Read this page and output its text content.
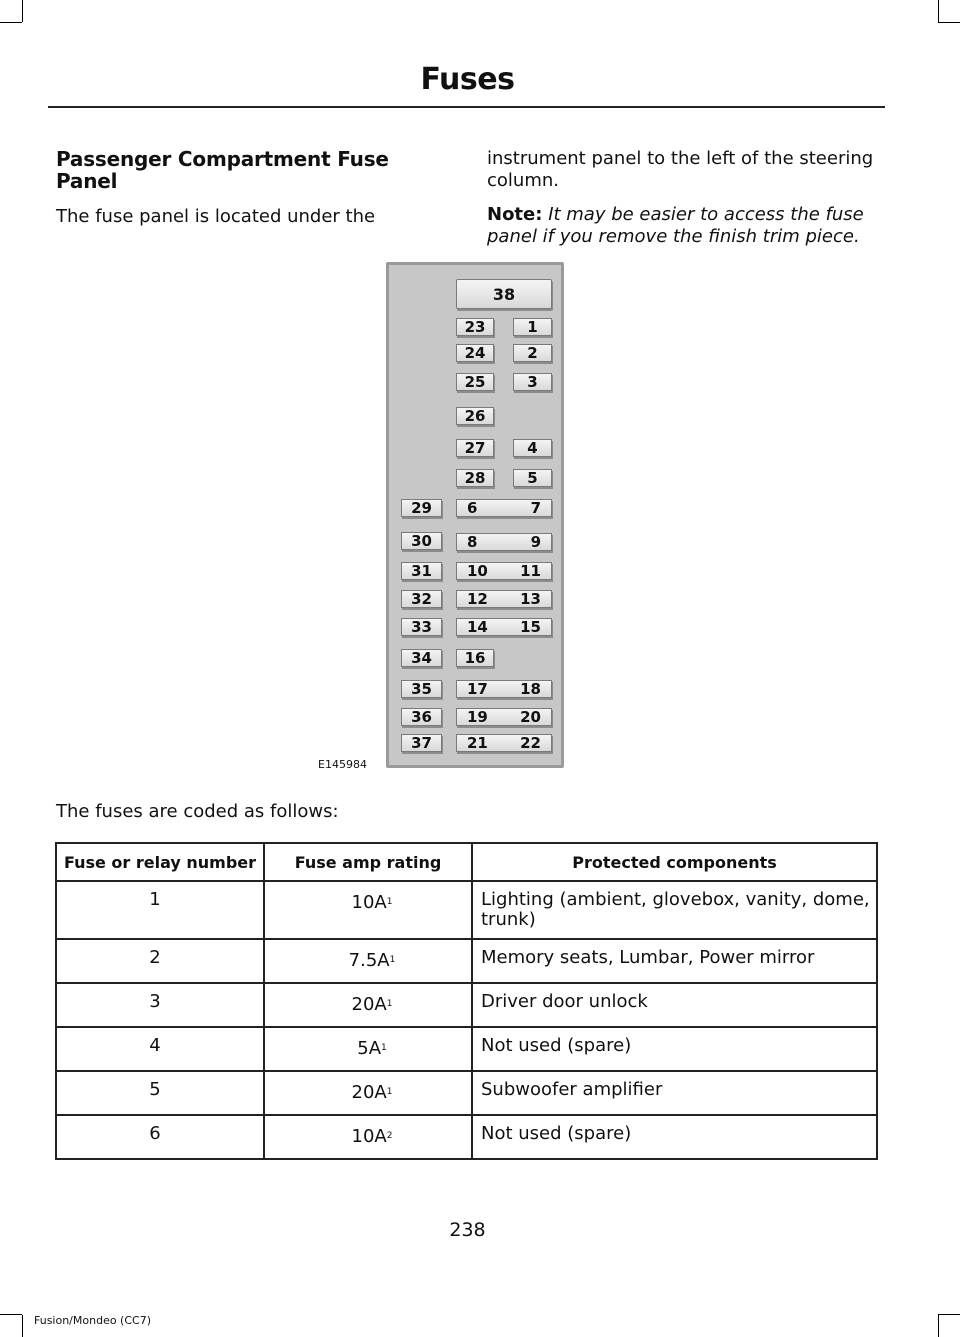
Fuses
Passenger Compartment Fuse Panel
The fuse panel is located under the
instrument panel to the left of the steering column.
Note: It may be easier to access the fuse panel if you remove the finish trim piece.
38
23	1
24	2
25	3
26
27	4
28	5
29 6	7
30 8	9
31 10 11
32 12 13
33 14 15
34 16
35 17 18
36 19 20
37 21 22
E145984
The fuses are coded as follows:
Fuse or relay number	Fuse amp rating	Protected components
1	$10A^1$	Lighting (ambient, glovebox, vanity, dome, trunk)
2	$7.5A^1$	Memory seats, Lumbar, Power mirror
3	$20A^1$	Driver door unlock
4	$5A^1$	Not used (spare)
5	$20A^1$	Subwoofer amplifier
6	$10A^2$	Not used (spare)
238
Fusion/Mondeo (CC7)
